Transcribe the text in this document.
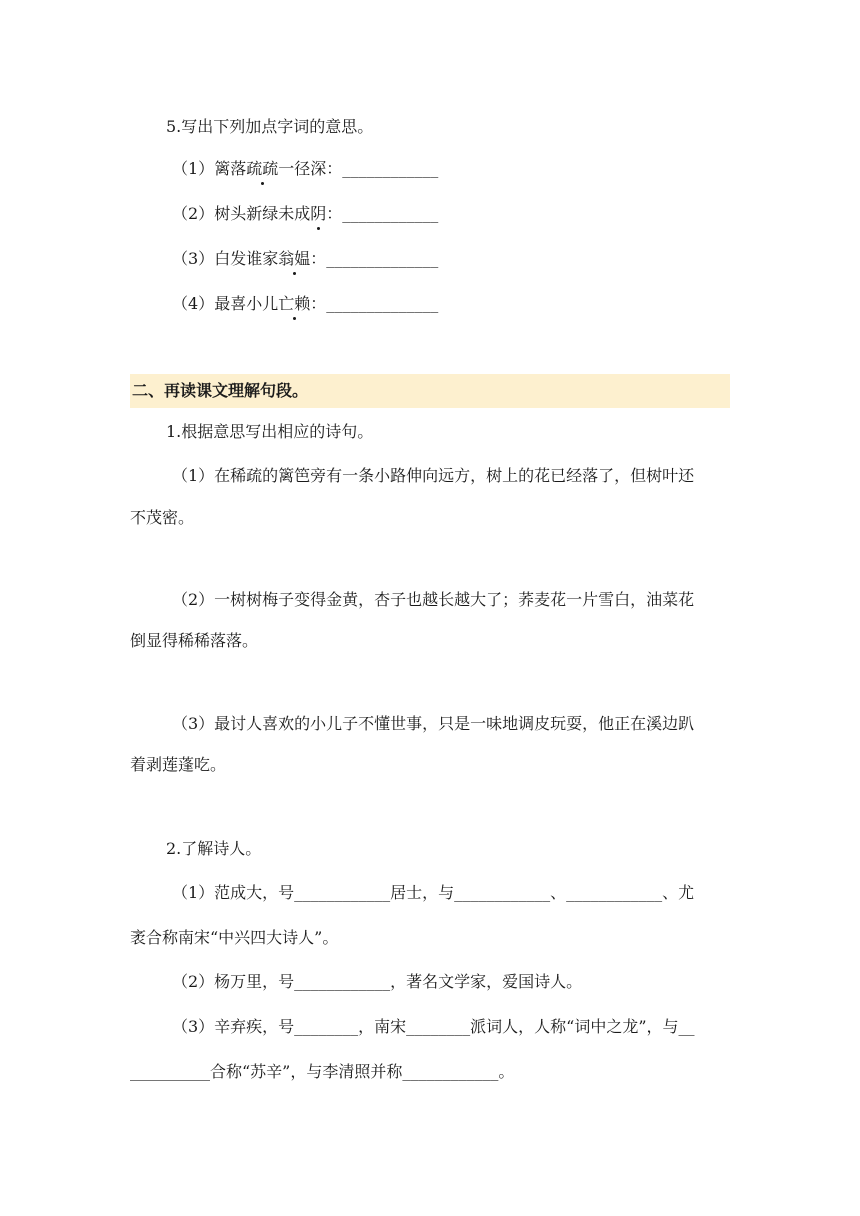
5.写出下列加点字词的意思。
（1）篱落疏疏一径深：____________
（2）树头新绿未成阴：____________
（3）白发谁家翁媪：______________
（4）最喜小儿亡赖：______________
二、再读课文理解句段。
1.根据意思写出相应的诗句。
（1）在稀疏的篱笆旁有一条小路伸向远方，树上的花已经落了，但树叶还
不茂密。
（2）一树树梅子变得金黄，杏子也越长越大了；荞麦花一片雪白，油菜花
倒显得稀稀落落。
（3）最讨人喜欢的小儿子不懂世事，只是一味地调皮玩耍，他正在溪边趴
着剥莲蓬吃。
2.了解诗人。
（1）范成大，号____________居士，与____________、____________、尤
袤合称南宋“中兴四大诗人”。
（2）杨万里，号____________，著名文学家，爱国诗人。
（3）辛弃疾，号________，南宋________派词人，人称“词中之龙”，与__
__________合称“苏辛”，与李清照并称____________。
